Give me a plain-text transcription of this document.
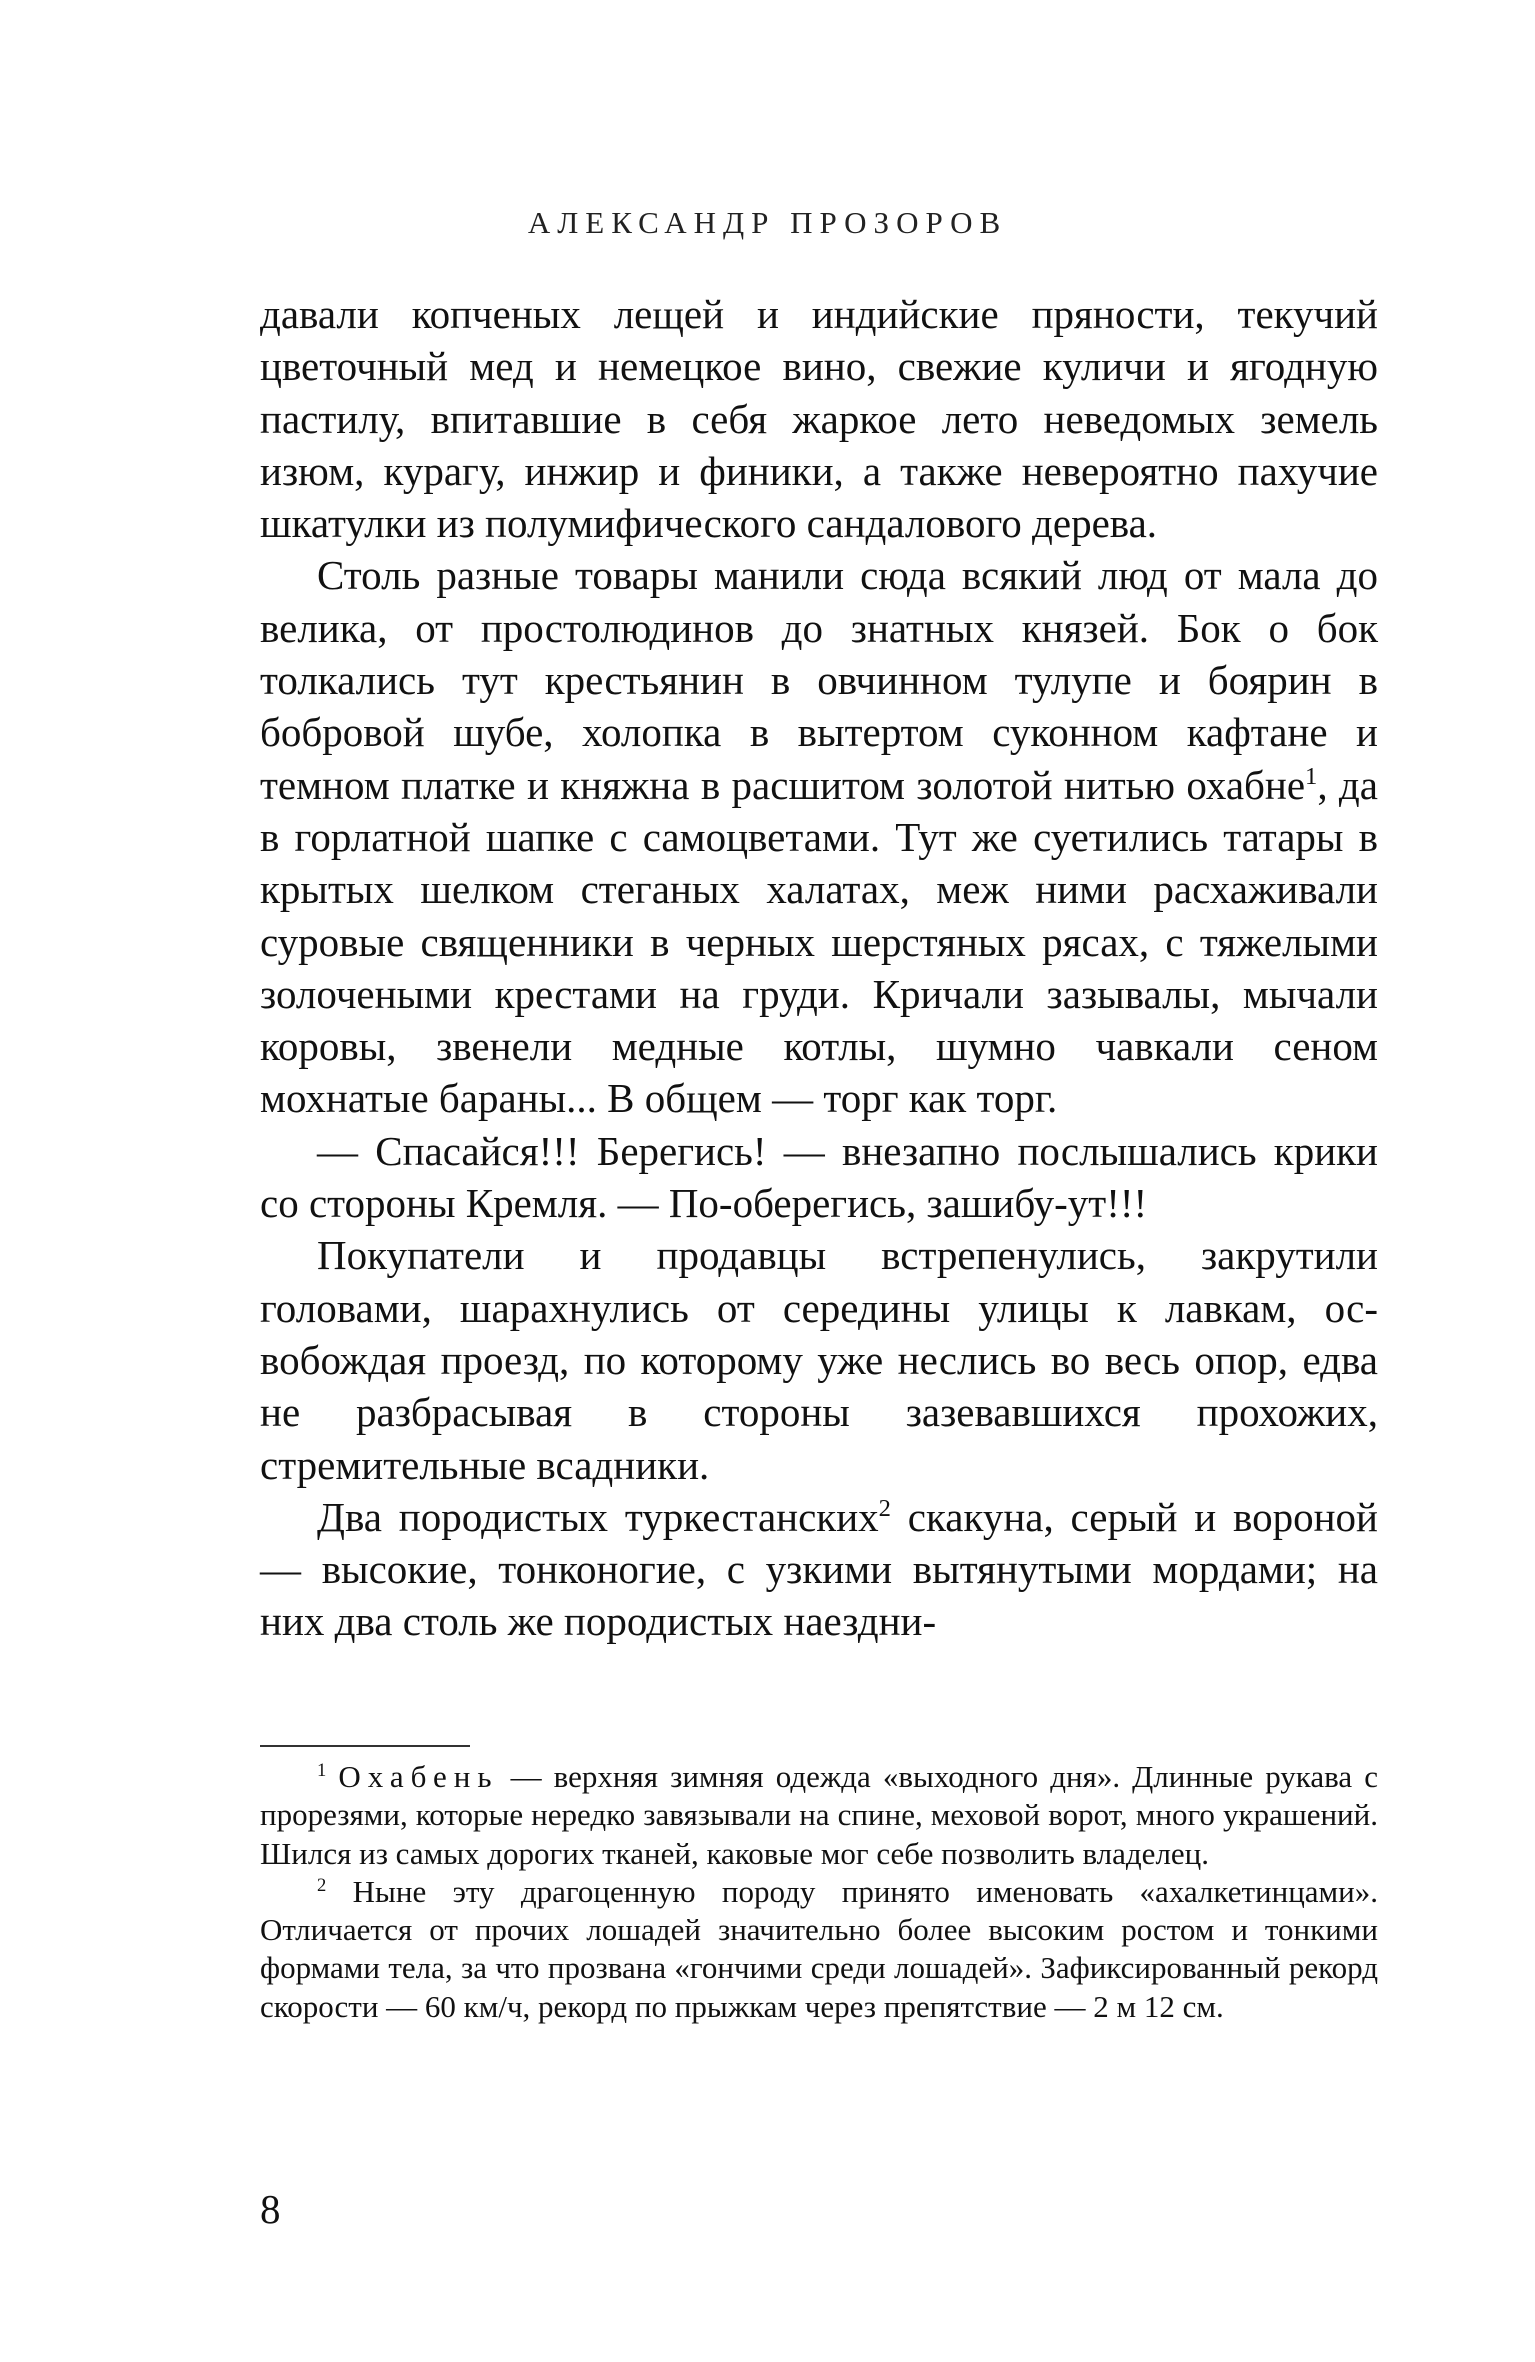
АЛЕКСАНДР ПРОЗОРОВ

давали копченых лещей и индийские пряности, текучий цветочный мед и немецкое вино, свежие куличи и ягодную пастилу, впитавшие в себя жаркое лето неведомых земель изюм, курагу, инжир и финики, а также невероятно пахучие шкатулки из полумифического сандалового дерева.

Столь разные товары манили сюда всякий люд от мала до велика, от простолюдинов до знатных князей. Бок о бок толкались тут крестьянин в овчинном тулупе и боярин в бобровой шубе, холопка в вытертом суконном кафтане и темном платке и княжна в расшитом золотой нитью охабне$^1$, да в горлатной шапке с самоцветами. Тут же суетились татары в крытых шелком стеганых халатах, меж ними расхаживали суровые священники в черных шерстяных рясах, с тяжелыми золочеными крестами на груди. Кричали зазывалы, мычали коровы, звенели медные котлы, шумно чавкали сеном мохнатые бараны... В общем — торг как торг.

— Спасайся!!! Берегись! — внезапно послышались крики со стороны Кремля. — По-оберегись, зашибу-ут!!!

Покупатели и продавцы встрепенулись, закрутили головами, шарахнулись от середины улицы к лавкам, освобождая проезд, по которому уже неслись во весь опор, едва не разбрасывая в стороны зазевавшихся прохожих, стремительные всадники.

Два породистых туркестанских$^2$ скакуна, серый и вороной — высокие, тонконогие, с узкими вытянутыми мордами; на них два столь же породистых наездни-

$^1$ Охабень — верхняя зимняя одежда «выходного дня». Длинные рукава с прорезями, которые нередко завязывали на спине, меховой ворот, много украшений. Шился из самых дорогих тканей, каковые мог себе позволить владелец.

$^2$ Ныне эту драгоценную породу принято именовать «ахалкетинцами». Отличается от прочих лошадей значительно более высоким ростом и тонкими формами тела, за что прозвана «гончими среди лошадей». Зафиксированный рекорд скорости — 60 км/ч, рекорд по прыжкам через препятствие — 2 м 12 см.

8
